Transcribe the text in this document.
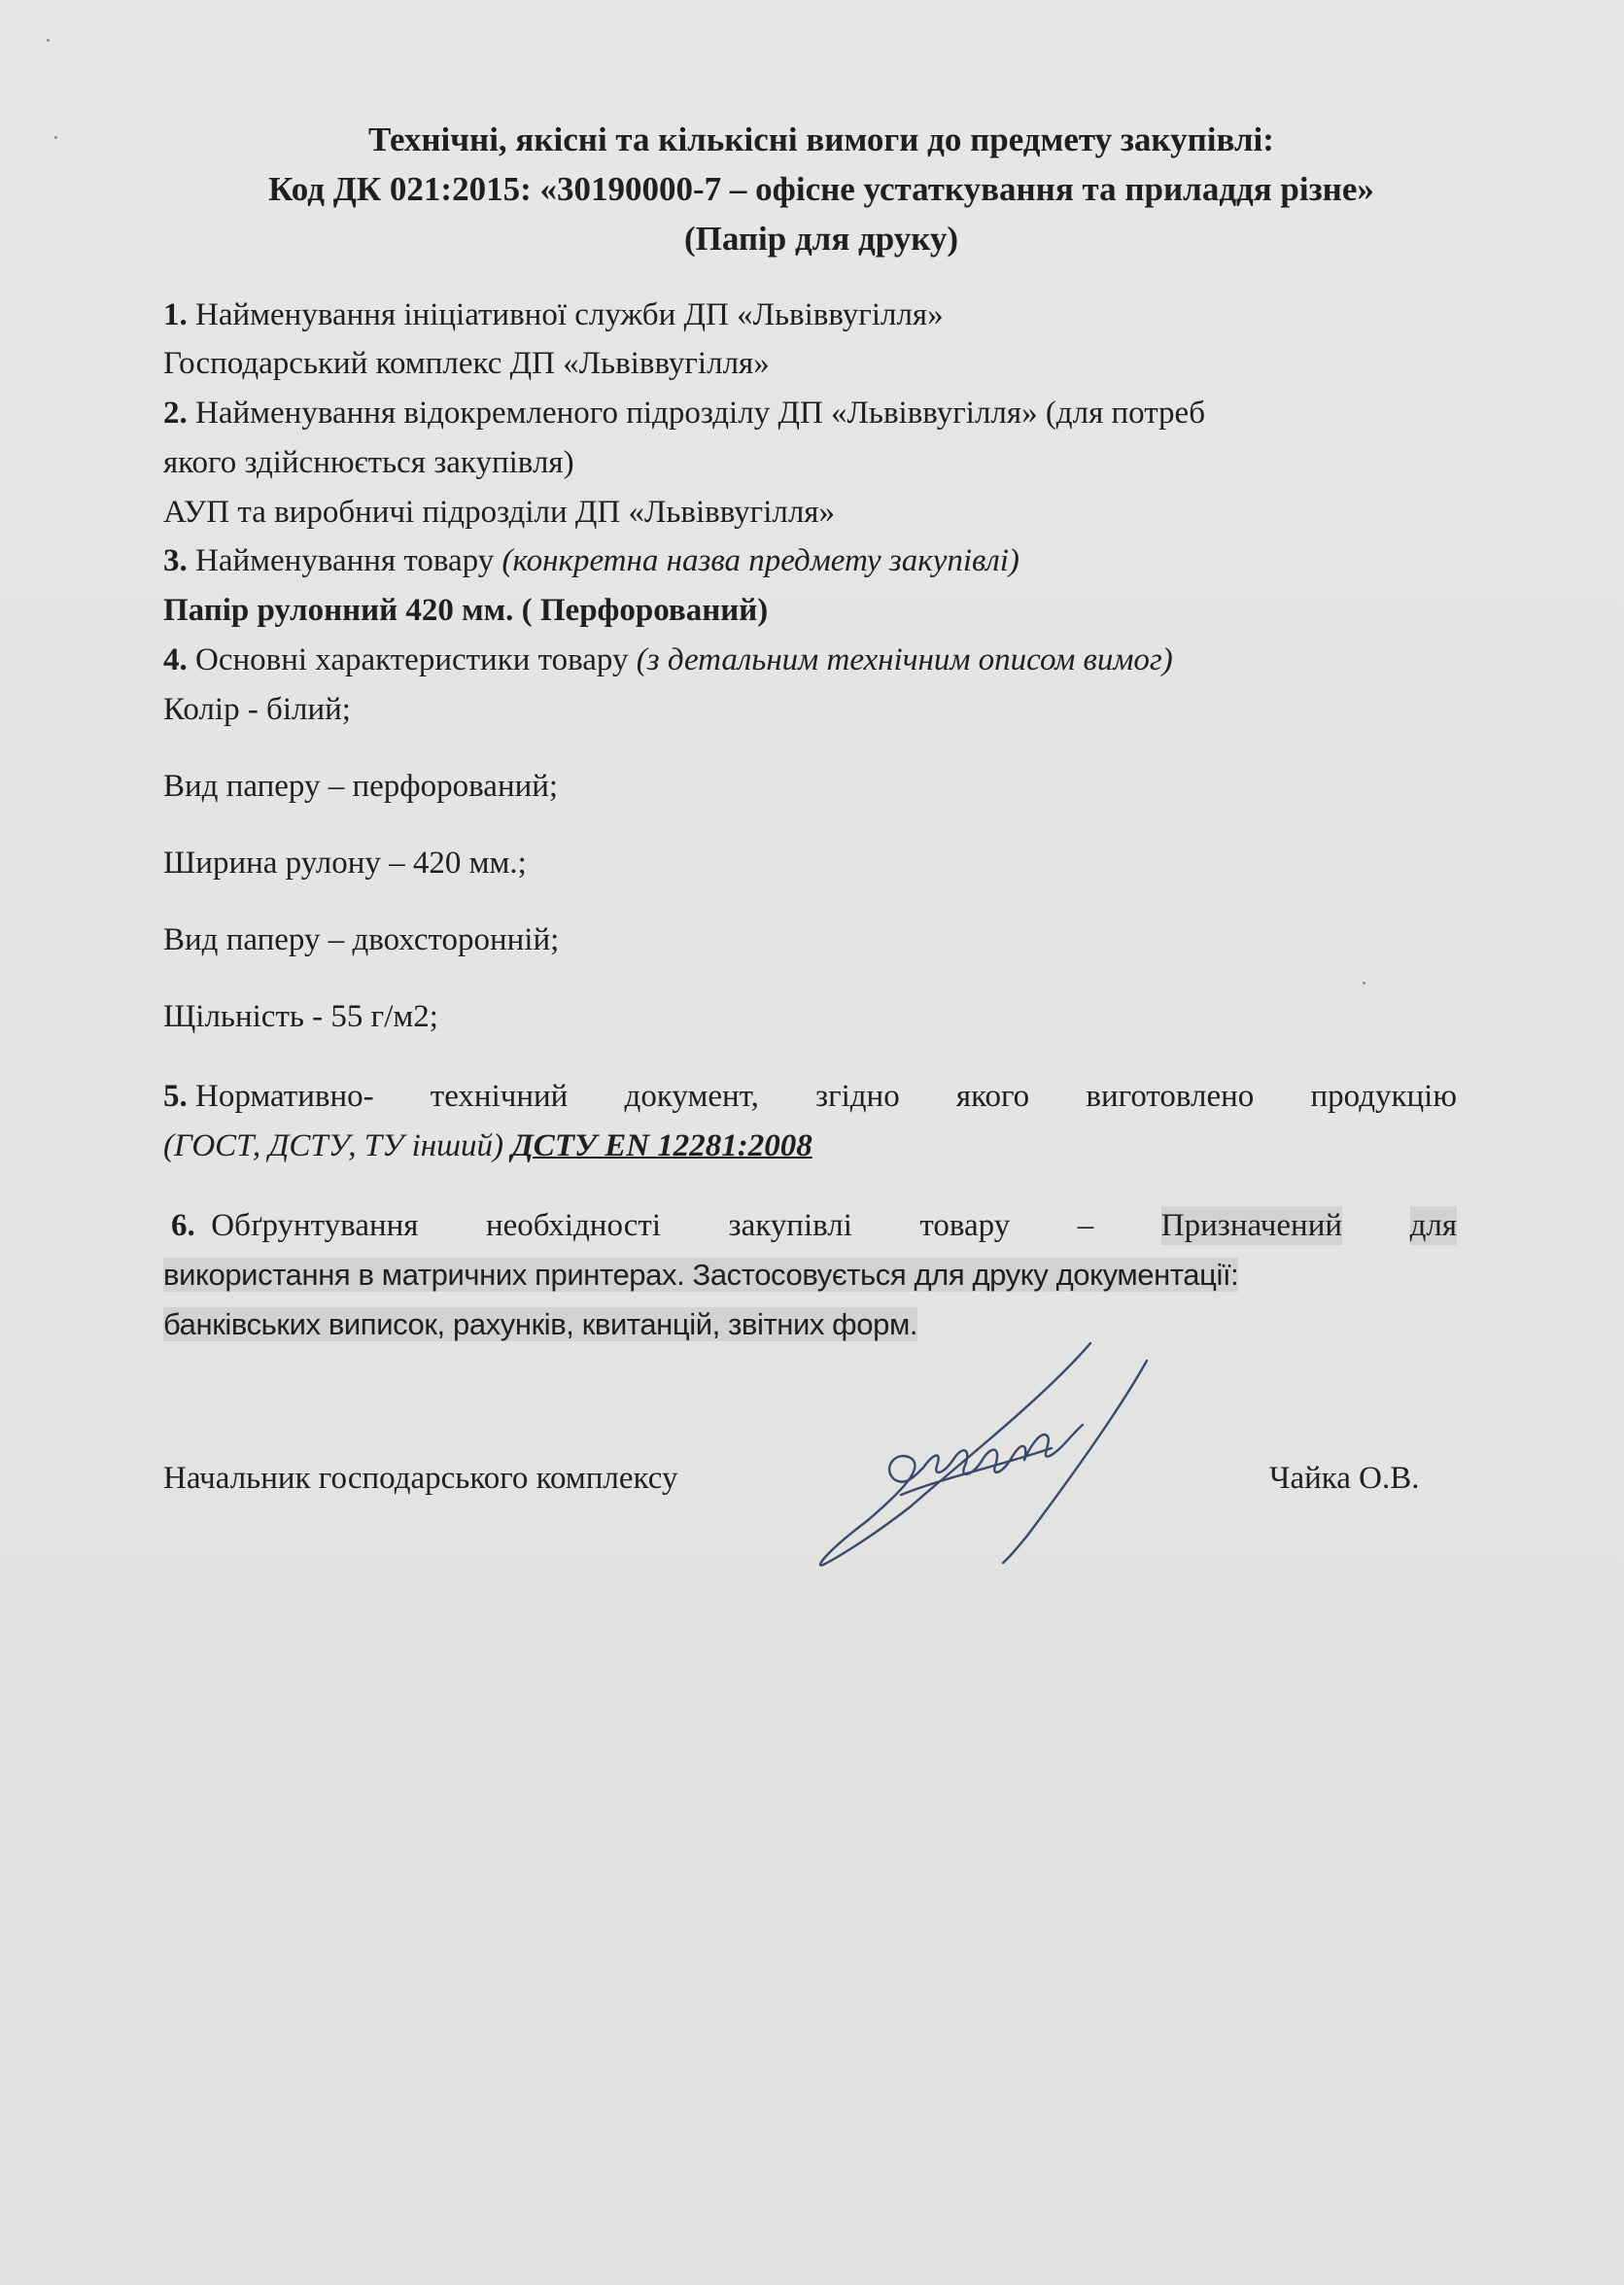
Технічні, якісні та кількісні вимоги до предмету закупівлі:
Код ДК 021:2015: «30190000-7 – офісне устаткування та приладдя різне»
(Папір для друку)
1. Найменування ініціативної служби ДП «Львіввугілля»
Господарський комплекс ДП «Львіввугілля»
2. Найменування відокремленого підрозділу ДП «Львіввугілля» (для потреб
якого здійснюється закупівля)
АУП та виробничі підрозділи ДП «Львіввугілля»
3. Найменування товару (конкретна назва предмету закупівлі)
Папір рулонний 420 мм. ( Перфорований)
4. Основні характеристики товару (з детальним технічним описом вимог)
Колір - білий;
Вид паперу – перфорований;
Ширина рулону – 420 мм.;
Вид паперу – двохсторонній;
Щільність - 55 г/м2;
5. Нормативно- технічний документ, згідно якого виготовлено продукцію
(ГОСТ, ДСТУ, ТУ інший) ДСТУ EN 12281:2008
6. Обґрунтування необхідності закупівлі товару – Призначений для
використання в матричних принтерах. Застосовується для друку документації:
банківських виписок, рахунків, квитанцій, звітних форм.
Начальник господарського комплексу	Чайка О.В.
